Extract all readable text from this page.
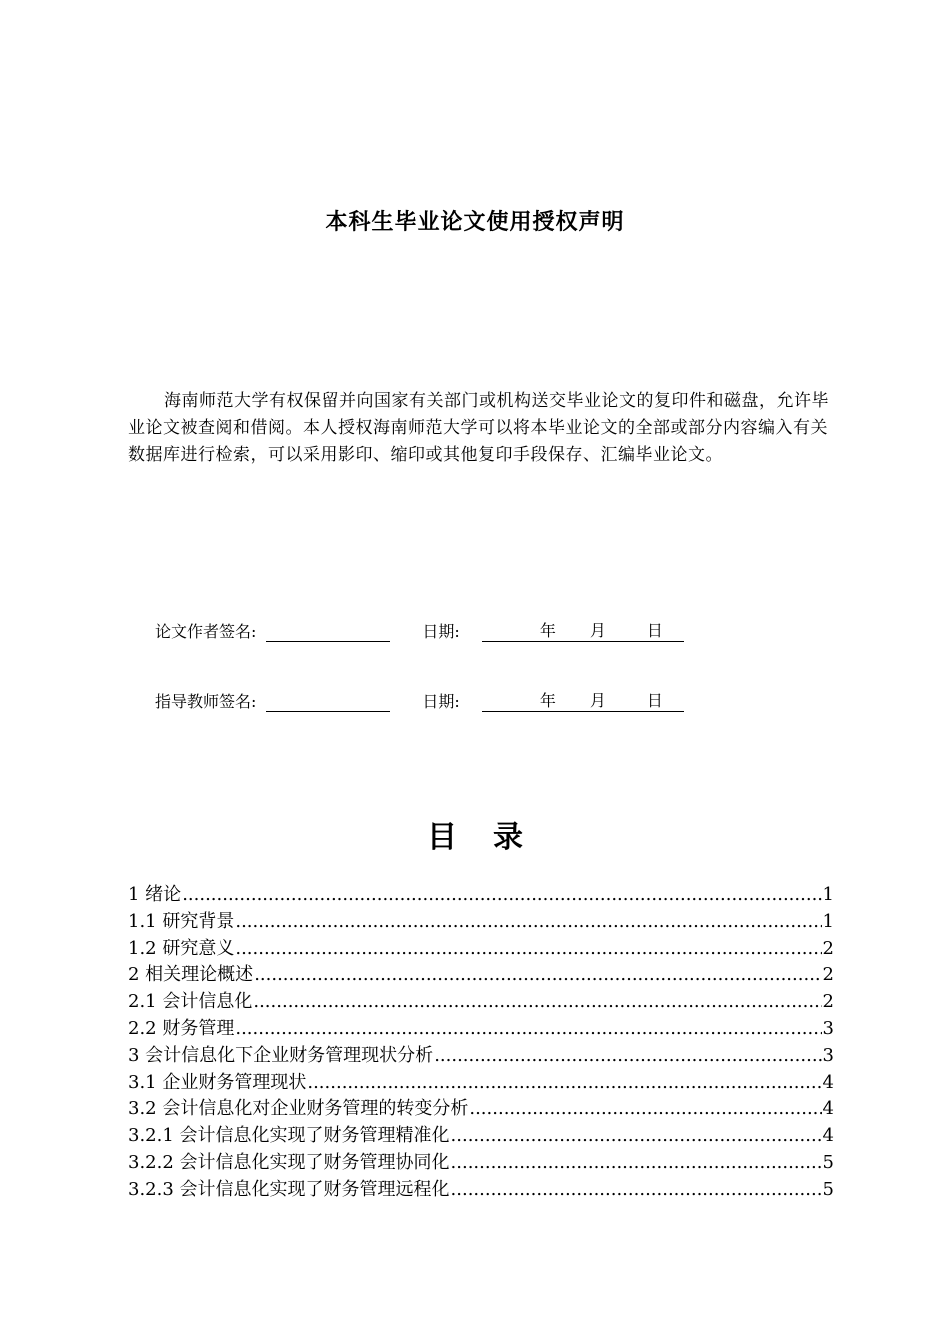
本科生毕业论文使用授权声明

海南师范大学有权保留并向国家有关部门或机构送交毕业论文的复印件和磁盘，允许毕业论文被查阅和借阅。本人授权海南师范大学可以将本毕业论文的全部或部分内容编入有关数据库进行检索，可以采用影印、缩印或其他复印手段保存、汇编毕业论文。

论文作者签名:	日期:	年 月	日
指导教师签名:	日期:	年 月	日
目录
1 绪论 .....	1
1.1 研究背景 .....	1
1.2 研究意义 .....	2
2 相关理论概述 .....	2
2.1 会计信息化 .....	2
2.2 财务管理 .....	3
3 会计信息化下企业财务管理现状分析 .....	3
3.1 企业财务管理现状 .....	4
3.2 会计信息化对企业财务管理的转变分析 .....	4
3.2.1 会计信息化实现了财务管理精准化 .....	4
3.2.2 会计信息化实现了财务管理协同化 .....	5
3.2.3 会计信息化实现了财务管理远程化 .....	5
